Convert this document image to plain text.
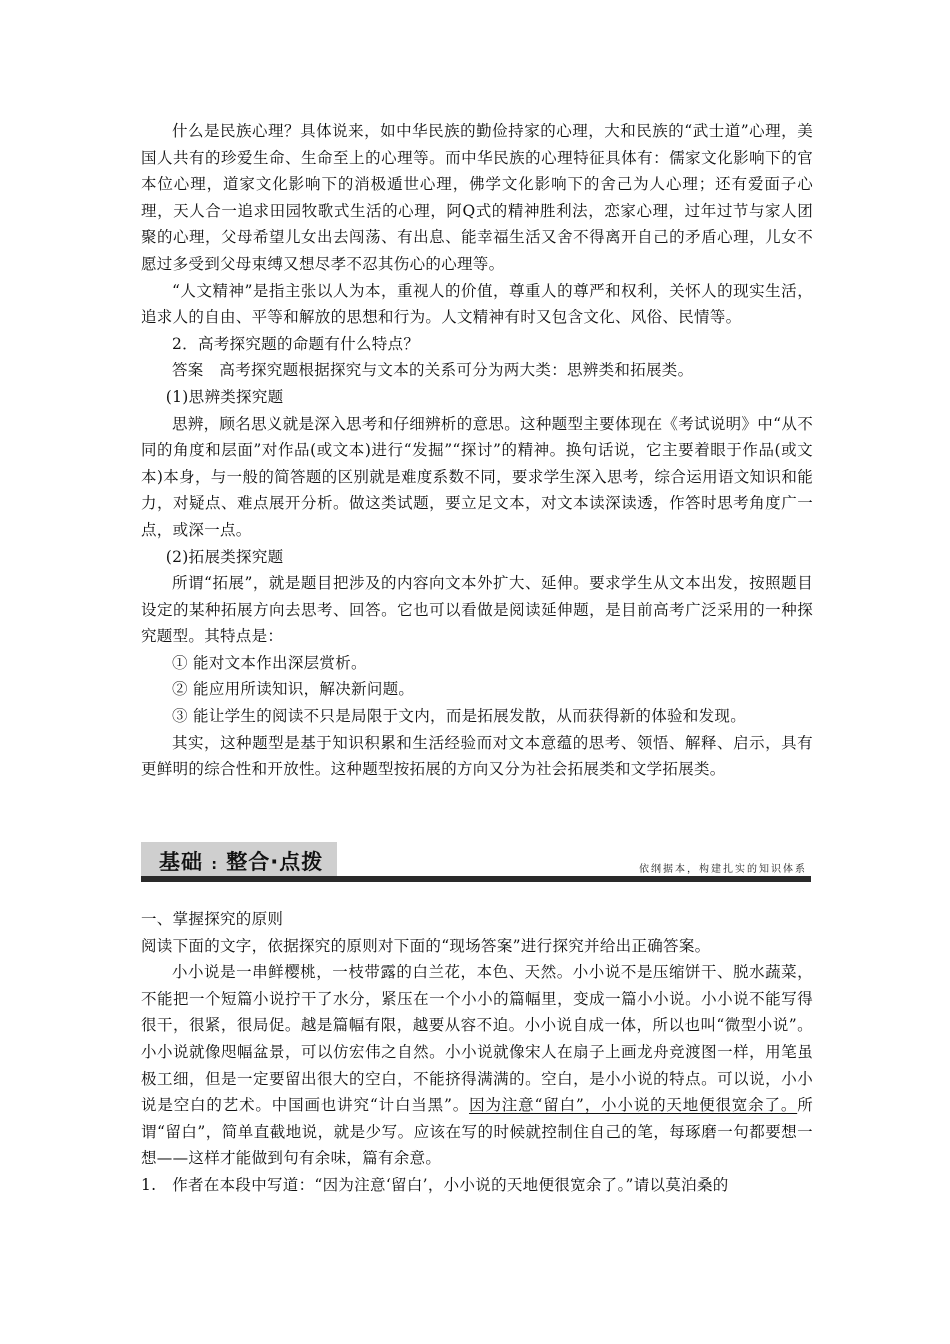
什么是民族心理？具体说来，如中华民族的勤俭持家的心理，大和民族的“武士道”心理，美国人共有的珍爱生命、生命至上的心理等。而中华民族的心理特征具体有：儒家文化影响下的官本位心理，道家文化影响下的消极遁世心理，佛学文化影响下的舍己为人心理；还有爱面子心理，天人合一追求田园牧歌式生活的心理，阿Q式的精神胜利法，恋家心理，过年过节与家人团聚的心理，父母希望儿女出去闯荡、有出息、能幸福生活又舍不得离开自己的矛盾心理，儿女不愿过多受到父母束缚又想尽孝不忍其伤心的心理等。

“人文精神”是指主张以人为本，重视人的价值，尊重人的尊严和权利，关怀人的现实生活，追求人的自由、平等和解放的思想和行为。人文精神有时又包含文化、风俗、民情等。

2．高考探究题的命题有什么特点？

答案　高考探究题根据探究与文本的关系可分为两大类：思辨类和拓展类。

(1)思辨类探究题

思辨，顾名思义就是深入思考和仔细辨析的意思。这种题型主要体现在《考试说明》中“从不同的角度和层面”对作品(或文本)进行“发掘”“探讨”的精神。换句话说，它主要着眼于作品(或文本)本身，与一般的简答题的区别就是难度系数不同，要求学生深入思考，综合运用语文知识和能力，对疑点、难点展开分析。做这类试题，要立足文本，对文本读深读透，作答时思考角度广一点，或深一点。

(2)拓展类探究题

所谓“拓展”，就是题目把涉及的内容向文本外扩大、延伸。要求学生从文本出发，按照题目设定的某种拓展方向去思考、回答。它也可以看做是阅读延伸题，是目前高考广泛采用的一种探究题型。其特点是：

① 能对文本作出深层赏析。

② 能应用所读知识，解决新问题。

③ 能让学生的阅读不只是局限于文内，而是拓展发散，从而获得新的体验和发现。

其实，这种题型是基于知识积累和生活经验而对文本意蕴的思考、领悟、解释、启示，具有更鲜明的综合性和开放性。这种题型按拓展的方向又分为社会拓展类和文学拓展类。

基础 : 整合·点拨	依纲据本，构建扎实的知识体系

一、掌握探究的原则

阅读下面的文字，依据探究的原则对下面的“现场答案”进行探究并给出正确答案。

小小说是一串鲜樱桃，一枝带露的白兰花，本色、天然。小小说不是压缩饼干、脱水蔬菜，不能把一个短篇小说拧干了水分，紧压在一个小小的篇幅里，变成一篇小小说。小小说不能写得很干，很紧，很局促。越是篇幅有限，越要从容不迫。小小说自成一体，所以也叫“微型小说”。小小说就像咫幅盆景，可以仿宏伟之自然。小小说就像宋人在扇子上画龙舟竞渡图一样，用笔虽极工细，但是一定要留出很大的空白，不能挤得满满的。空白，是小小说的特点。可以说，小小说是空白的艺术。中国画也讲究“计白当黑”。因为注意“留白”，小小说的天地便很宽余了。所谓“留白”，简单直截地说，就是少写。应该在写的时候就控制住自己的笔，每琢磨一句都要想一想——这样才能做到句有余味，篇有余意。

1.　作者在本段中写道：“因为注意‘留白’，小小说的天地便很宽余了。”请以莫泊桑的
